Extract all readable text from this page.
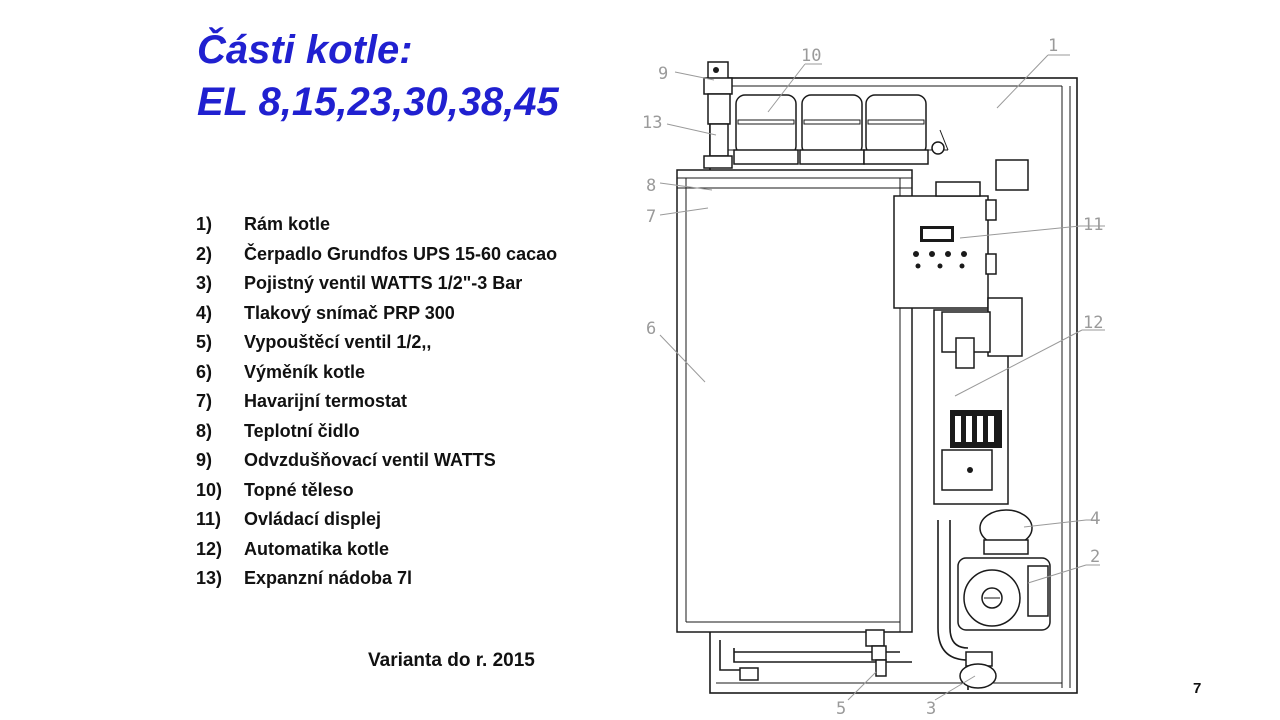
Části kotle:
EL 8,15,23,30,38,45
1) Rám kotle
2) Čerpadlo Grundfos UPS 15-60 cacao
3) Pojistný ventil WATTS 1/2"-3 Bar
4) Tlakový snímač PRP 300
5) Vypouštěcí ventil 1/2,,
6) Výměník kotle
7) Havarijní termostat
8) Teplotní čidlo
9) Odvzdušňovací ventil WATTS
10) Topné těleso
11) Ovládací displej
12) Automatika kotle
13) Expanzní nádoba 7l
Varianta do r. 2015
7
1
2
3
4
5
6
7
8
9
10
11
12
13
